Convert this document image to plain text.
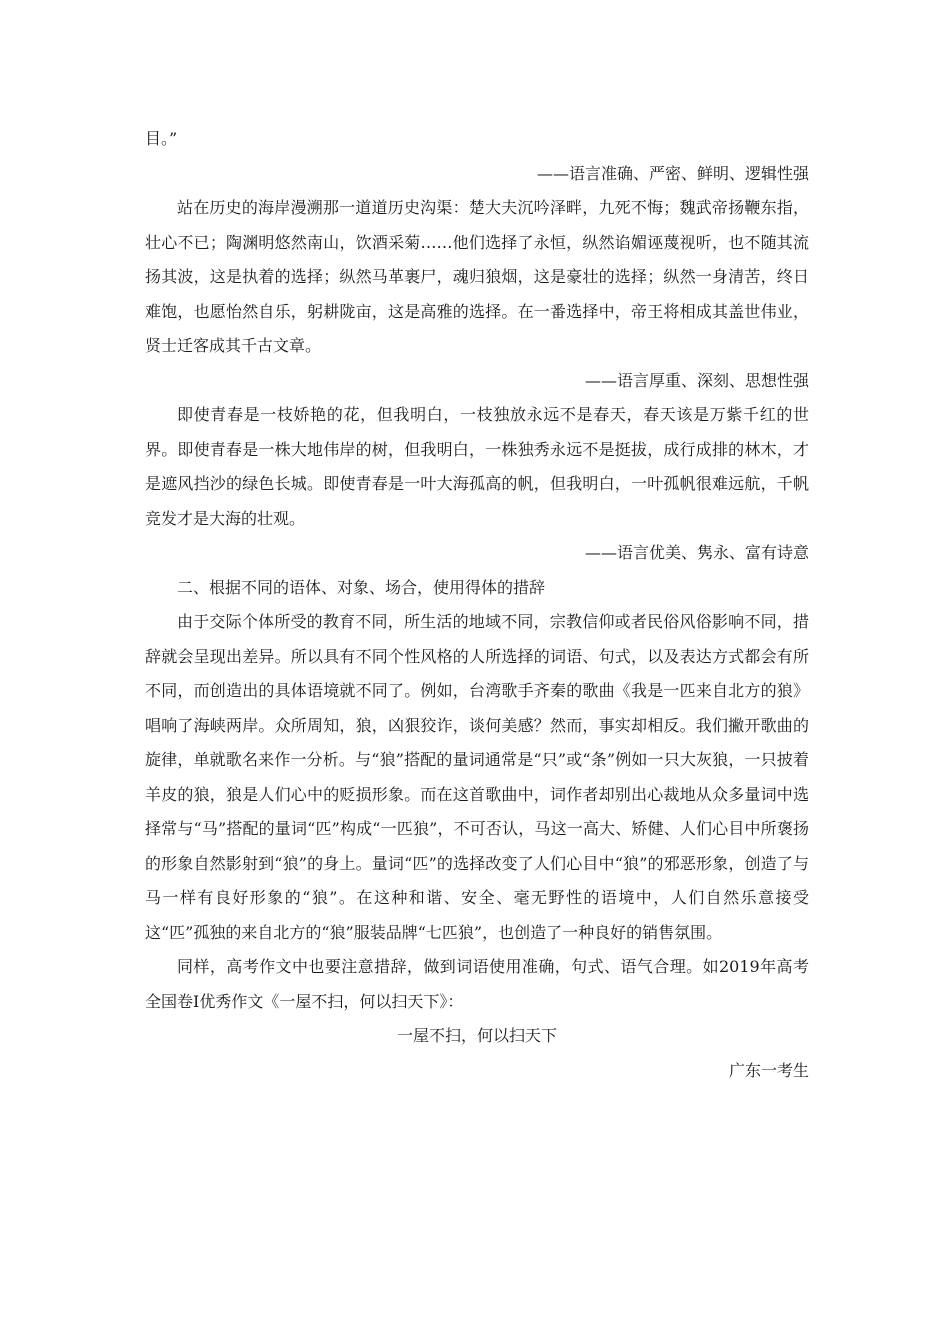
目。”

——语言准确、严密、鲜明、逻辑性强

站在历史的海岸漫溯那一道道历史沟渠：楚大夫沉吟泽畔，九死不悔；魏武帝扬鞭东指，壮心不已；陶渊明悠然南山，饮酒采菊……他们选择了永恒，纵然谄媚诬蔑视听，也不随其流扬其波，这是执着的选择；纵然马革裹尸，魂归狼烟，这是豪壮的选择；纵然一身清苦，终日难饱，也愿怡然自乐，躬耕陇亩，这是高雅的选择。在一番选择中，帝王将相成其盖世伟业，贤士迁客成其千古文章。

——语言厚重、深刻、思想性强

即使青春是一枝娇艳的花，但我明白，一枝独放永远不是春天，春天该是万紫千红的世界。即使青春是一株大地伟岸的树，但我明白，一株独秀永远不是挺拔，成行成排的林木，才是遮风挡沙的绿色长城。即使青春是一叶大海孤高的帆，但我明白，一叶孤帆很难远航，千帆竞发才是大海的壮观。

——语言优美、隽永、富有诗意

二、根据不同的语体、对象、场合，使用得体的措辞

由于交际个体所受的教育不同，所生活的地域不同，宗教信仰或者民俗风俗影响不同，措辞就会呈现出差异。所以具有不同个性风格的人所选择的词语、句式，以及表达方式都会有所不同，而创造出的具体语境就不同了。例如，台湾歌手齐秦的歌曲《我是一匹来自北方的狼》唱响了海峡两岸。众所周知，狼，凶狠狡诈，谈何美感？然而，事实却相反。我们撇开歌曲的旋律，单就歌名来作一分析。与“狼”搭配的量词通常是“只”或“条”例如一只大灰狼，一只披着羊皮的狼，狼是人们心中的贬损形象。而在这首歌曲中，词作者却别出心裁地从众多量词中选择常与“马”搭配的量词“匹”构成“一匹狼”，不可否认，马这一高大、矫健、人们心目中所褒扬的形象自然影射到“狼”的身上。量词“匹”的选择改变了人们心目中“狼”的邪恶形象，创造了与马一样有良好形象的“狼”。在这种和谐、安全、毫无野性的语境中，人们自然乐意接受这“匹”孤独的来自北方的“狼”服装品牌“七匹狼”，也创造了一种良好的销售氛围。

同样，高考作文中也要注意措辞，做到词语使用准确，句式、语气合理。如2019年高考全国卷Ⅰ优秀作文《一屋不扫，何以扫天下》：

一屋不扫，何以扫天下

广东一考生
